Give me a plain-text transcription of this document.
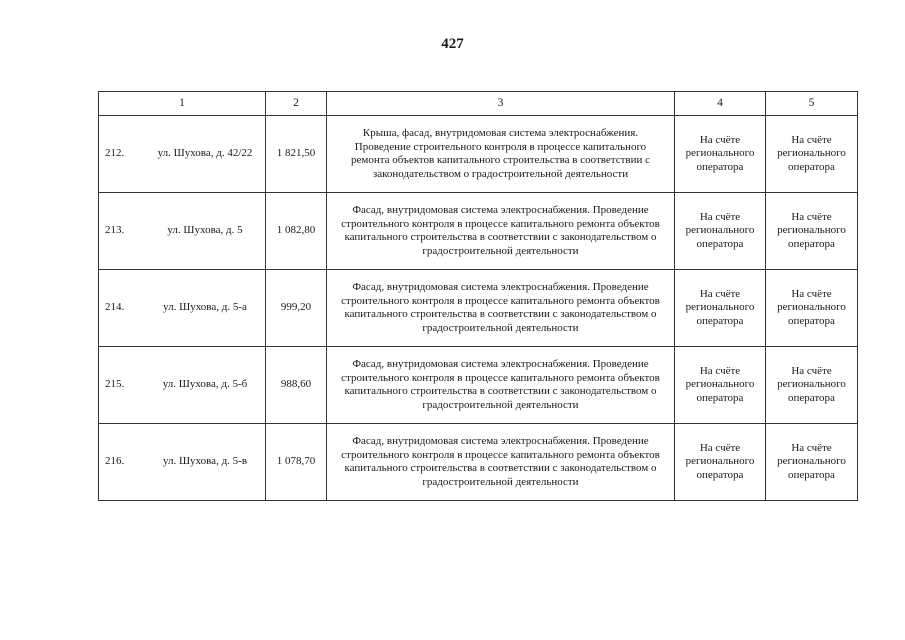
427
1	2	3	4	5

212. ул. Шухова, д. 42/22	1 821,50	Крыша, фасад, внутридомовая система электроснабжения. Проведение строительного контроля в процессе капитального ремонта объектов капитального строительства в соответствии с законодательством о градостроительной деятельности	На счёте регионального оператора	На счёте регионального оператора

213. ул. Шухова, д. 5	1 082,80	Фасад, внутридомовая система электроснабжения. Проведение строительного контроля в процессе капитального ремонта объектов капитального строительства в соответствии с законодательством о градостроительной деятельности	На счёте регионального оператора	На счёте регионального оператора

214. ул. Шухова, д. 5-а	999,20	Фасад, внутридомовая система электроснабжения. Проведение строительного контроля в процессе капитального ремонта объектов капитального строительства в соответствии с законодательством о градостроительной деятельности	На счёте регионального оператора	На счёте регионального оператора

215. ул. Шухова, д. 5-б	988,60	Фасад, внутридомовая система электроснабжения. Проведение строительного контроля в процессе капитального ремонта объектов капитального строительства в соответствии с законодательством о градостроительной деятельности	На счёте регионального оператора	На счёте регионального оператора

216. ул. Шухова, д. 5-в	1 078,70	Фасад, внутридомовая система электроснабжения. Проведение строительного контроля в процессе капитального ремонта объектов капитального строительства в соответствии с законодательством о градостроительной деятельности	На счёте регионального оператора	На счёте регионального оператора
